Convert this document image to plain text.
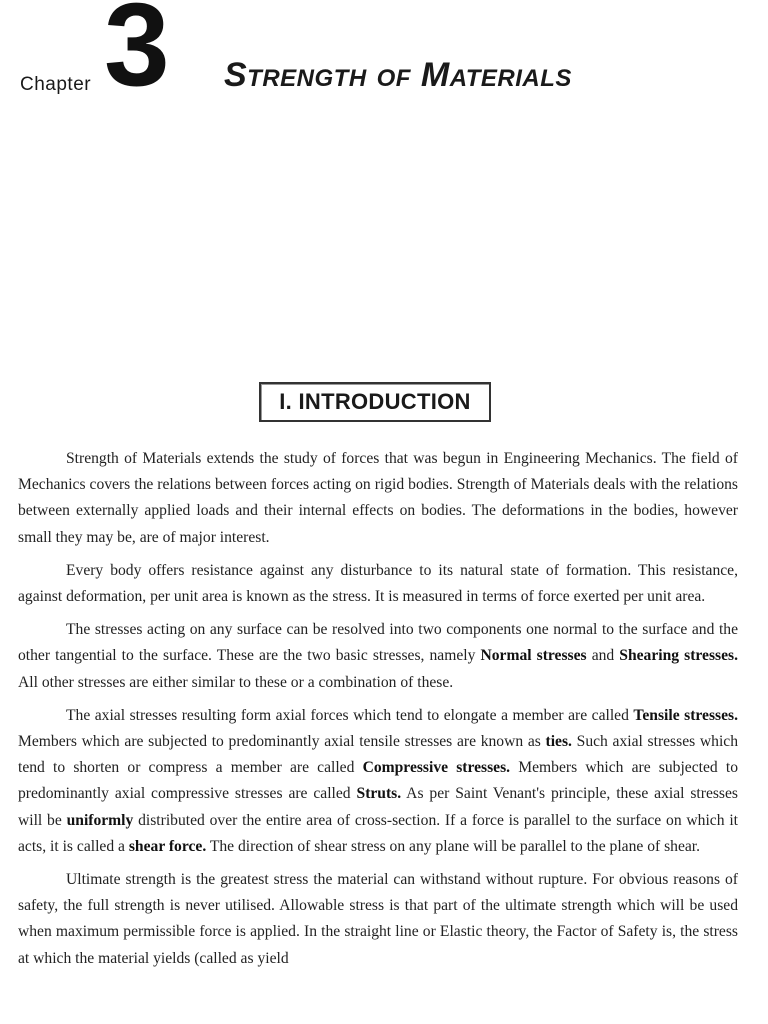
Chapter 3 Strength of Materials
I. INTRODUCTION

Strength of Materials extends the study of forces that was begun in Engineering Mechanics. The field of Mechanics covers the relations between forces acting on rigid bodies. Strength of Materials deals with the relations between externally applied loads and their internal effects on bodies. The deformations in the bodies, however small they may be, are of major interest.

Every body offers resistance against any disturbance to its natural state of formation. This resistance, against deformation, per unit area is known as the stress. It is measured in terms of force exerted per unit area.

The stresses acting on any surface can be resolved into two components one normal to the surface and the other tangential to the surface. These are the two basic stresses, namely Normal stresses and Shearing stresses. All other stresses are either similar to these or a combination of these.

The axial stresses resulting form axial forces which tend to elongate a member are called Tensile stresses. Members which are subjected to predominantly axial tensile stresses are known as ties. Such axial stresses which tend to shorten or compress a member are called Compressive stresses. Members which are subjected to predominantly axial compressive stresses are called Struts. As per Saint Venant's principle, these axial stresses will be uniformly distributed over the entire area of cross-section. If a force is parallel to the surface on which it acts, it is called a shear force. The direction of shear stress on any plane will be parallel to the plane of shear.

Ultimate strength is the greatest stress the material can withstand without rupture. For obvious reasons of safety, the full strength is never utilised. Allowable stress is that part of the ultimate strength which will be used when maximum permissible force is applied. In the straight line or Elastic theory, the Factor of Safety is, the stress at which the material yields (called as yield
